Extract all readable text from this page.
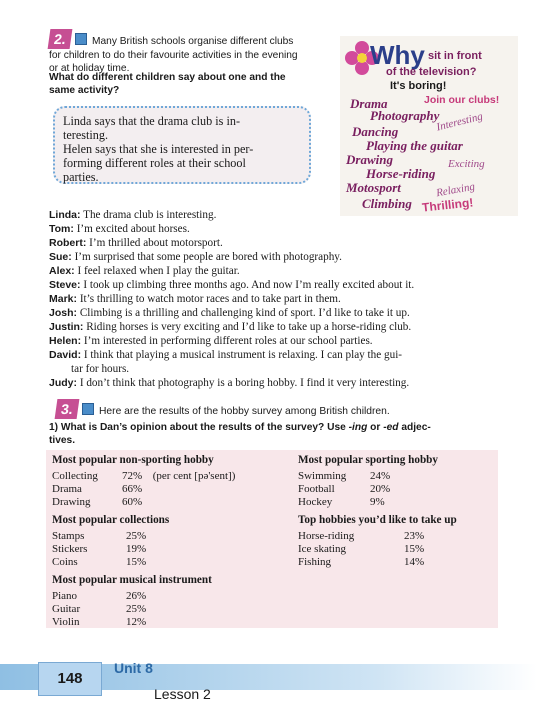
2. Many British schools organise different clubs
for children to do their favourite activities in the evening
or at holiday time.
What do different children say about one and the
same activity?
Linda says that the drama club is in-
teresting.
Helen says that she is interested in per-
forming different roles at their school
parties.
Why sit in front
of the television?
It's boring!
Join our clubs!
Drama
Photography
Interesting
Dancing
Playing the guitar
Drawing	Exciting
Horse-riding
Motosport	Relaxing
Climbing Thrilling!

Linda: The drama club is interesting.

Tom: I’m excited about horses.

Robert: I’m thrilled about motorsport.

Sue: I’m surprised that some people are bored with photography.

Alex: I feel relaxed when I play the guitar.

Steve: I took up climbing three months ago. And now I’m really excited about it.

Mark: It’s thrilling to watch motor races and to take part in them.

Josh: Climbing is a thrilling and challenging kind of sport. I’d like to take it up.

Justin: Riding horses is very exciting and I’d like to take up a horse-riding club.

Helen: I’m interested in performing different roles at our school parties.

David: I think that playing a musical instrument is relaxing. I can play the gui-

tar for hours.

Judy: I don’t think that photography is a boring hobby. I find it very interesting.

3. Here are the results of the hobby survey among British children.
1) What is Dan’s opinion about the results of the survey? Use -ing or -ed adjec-
tives.
Most popular non-sporting hobby
Collecting 72% (per cent [pə'sent])
Drama	66%
Drawing	60%
Most popular collections
Stamps	25%
Stickers	19%
Coins	15%
Most popular musical instrument
Piano	26%
Guitar	25%
Violin	12%
Most popular sporting hobby
Swimming 24%
Football	20%
Hockey	9%
Top hobbies you’d like to take up
Horse-riding	23%
Ice skating	15%
Fishing	14%
148
Unit 8
Lesson 2
